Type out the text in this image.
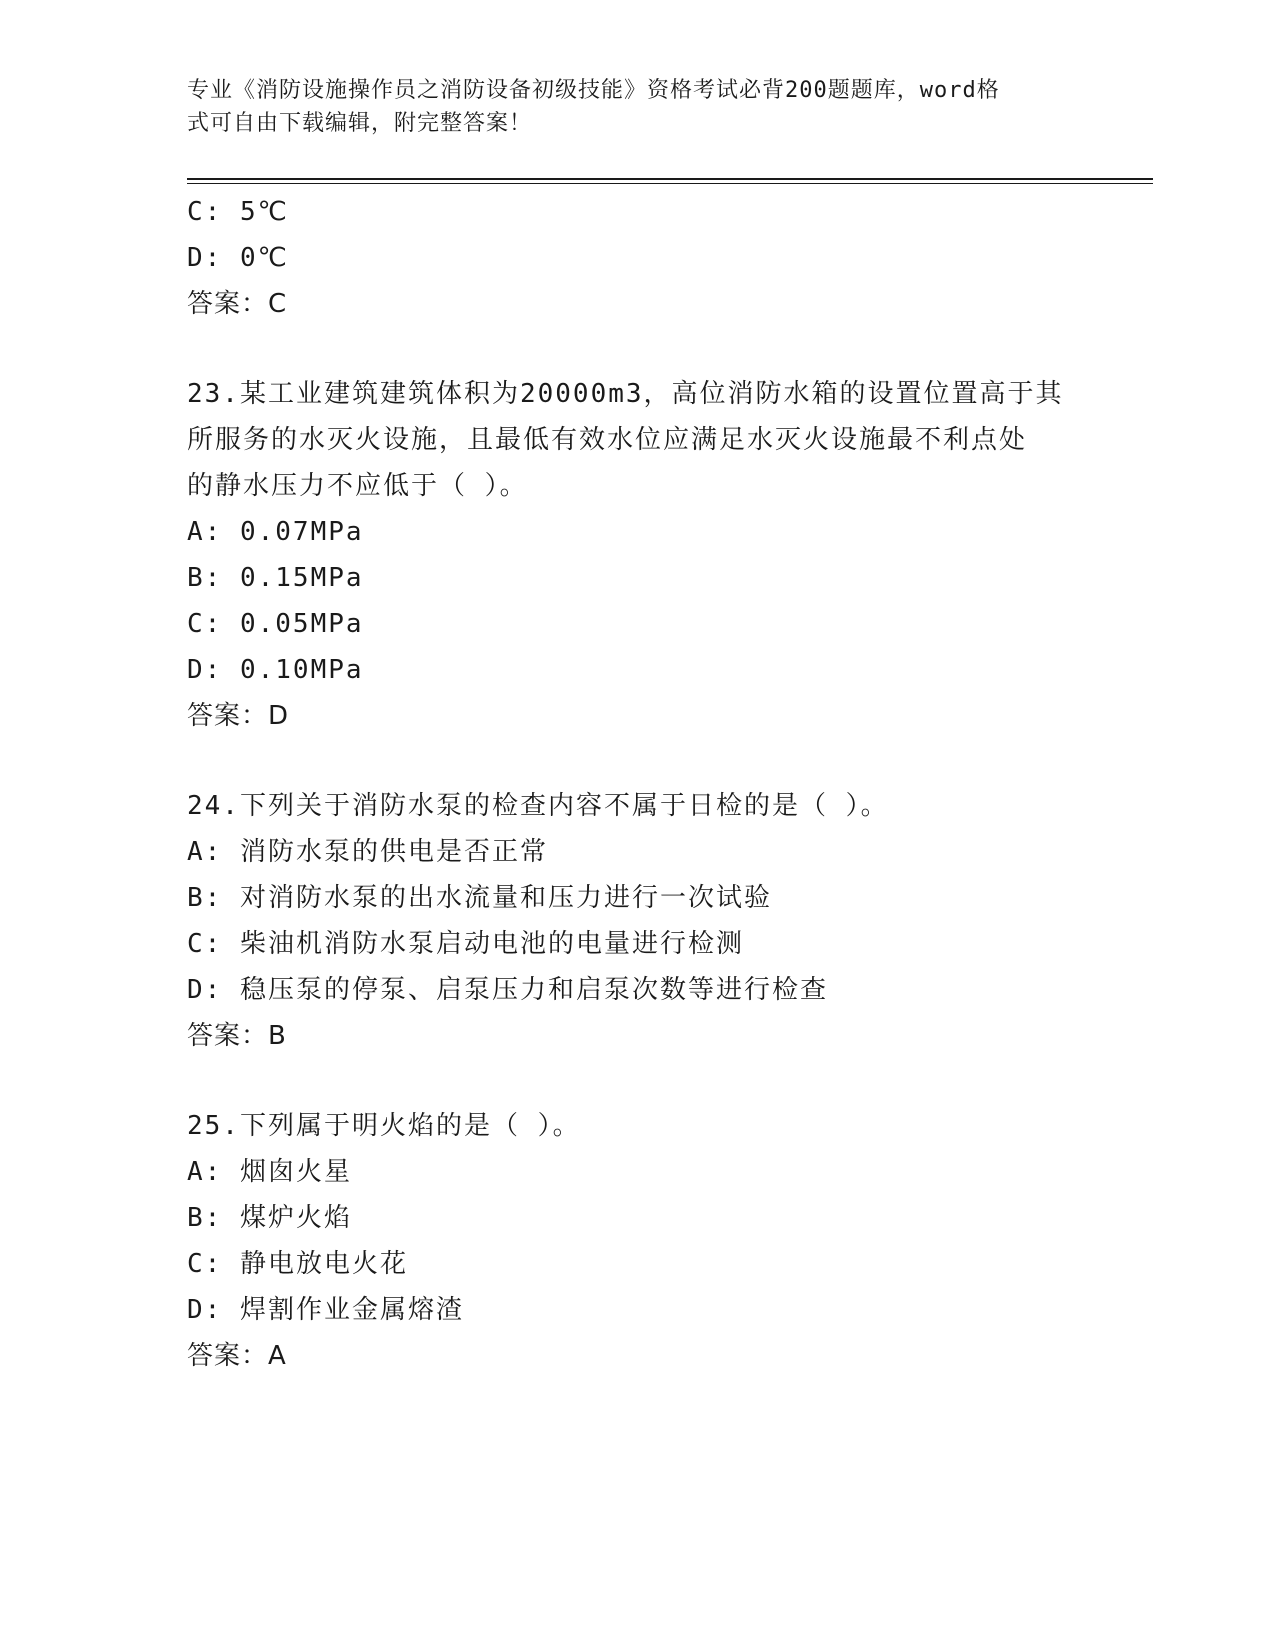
专业《消防设施操作员之消防设备初级技能》资格考试必背200题题库，word格
式可自由下载编辑，附完整答案！
C: 5℃
D: 0℃
答案：C
23.某工业建筑建筑体积为20000m3，高位消防水箱的设置位置高于其
所服务的水灭火设施，且最低有效水位应满足水灭火设施最不利点处
的静水压力不应低于（ ）。
A: 0.07MPa
B: 0.15MPa
C: 0.05MPa
D: 0.10MPa
答案：D
24.下列关于消防水泵的检查内容不属于日检的是（ ）。
A: 消防水泵的供电是否正常
B: 对消防水泵的出水流量和压力进行一次试验
C: 柴油机消防水泵启动电池的电量进行检测
D: 稳压泵的停泵、启泵压力和启泵次数等进行检查
答案：B
25.下列属于明火焰的是（ ）。
A: 烟囱火星
B: 煤炉火焰
C: 静电放电火花
D: 焊割作业金属熔渣
答案：A
